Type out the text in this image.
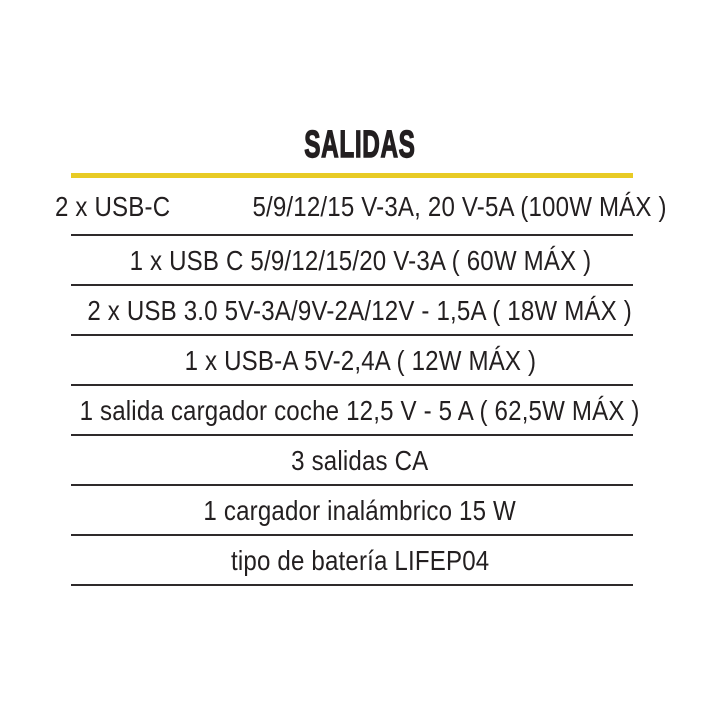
SALIDAS
2 x USB-C	5/9/12/15 V-3A, 20 V-5A (100W MÁX )
1 x USB C 5/9/12/15/20 V-3A ( 60W MÁX )
2 x USB 3.0 5V-3A/9V-2A/12V - 1,5A ( 18W MÁX )
1 x USB-A 5V-2,4A ( 12W MÁX )
1 salida cargador coche 12,5 V - 5 A ( 62,5W MÁX )
3 salidas CA
1 cargador inalámbrico 15 W
tipo de batería LIFEP04
